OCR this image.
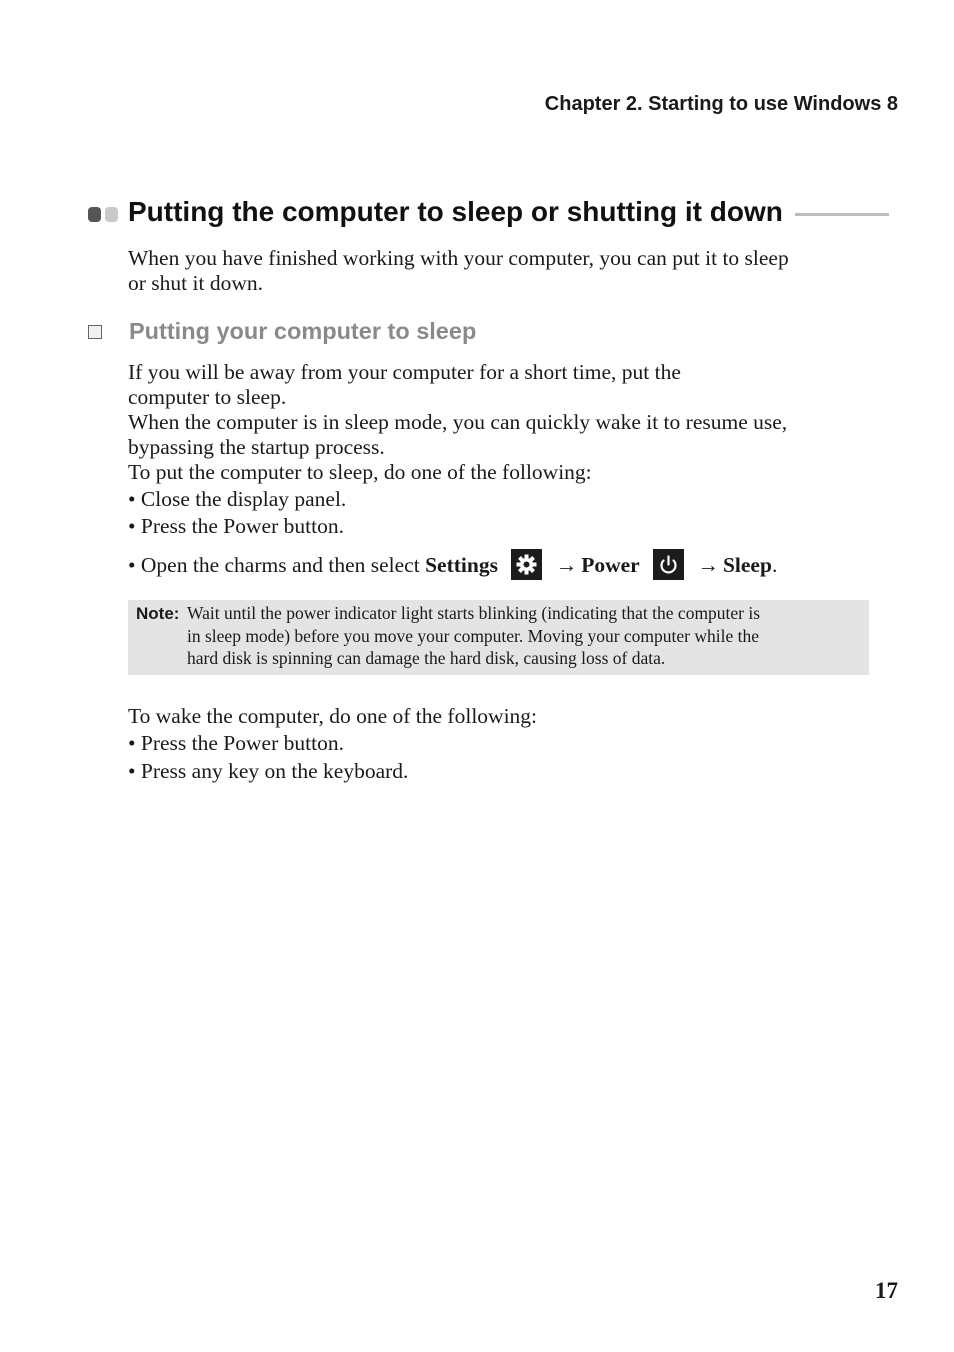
Chapter 2. Starting to use Windows 8
Putting the computer to sleep or shutting it down

When you have finished working with your computer, you can put it to sleep

or shut it down.

Putting your computer to sleep

If you will be away from your computer for a short time, put the

computer to sleep.

When the computer is in sleep mode, you can quickly wake it to resume use,

bypassing the startup process.

To put the computer to sleep, do one of the following:

• Close the display panel.

• Press the Power button.

• Open the charms and then select Settings	→ Power	→ Sleep.
Note: Wait until the power indicator light starts blinking (indicating that the computer is
in sleep mode) before you move your computer. Moving your computer while the
hard disk is spinning can damage the hard disk, causing loss of data.

To wake the computer, do one of the following:

• Press the Power button.

• Press any key on the keyboard.

17
